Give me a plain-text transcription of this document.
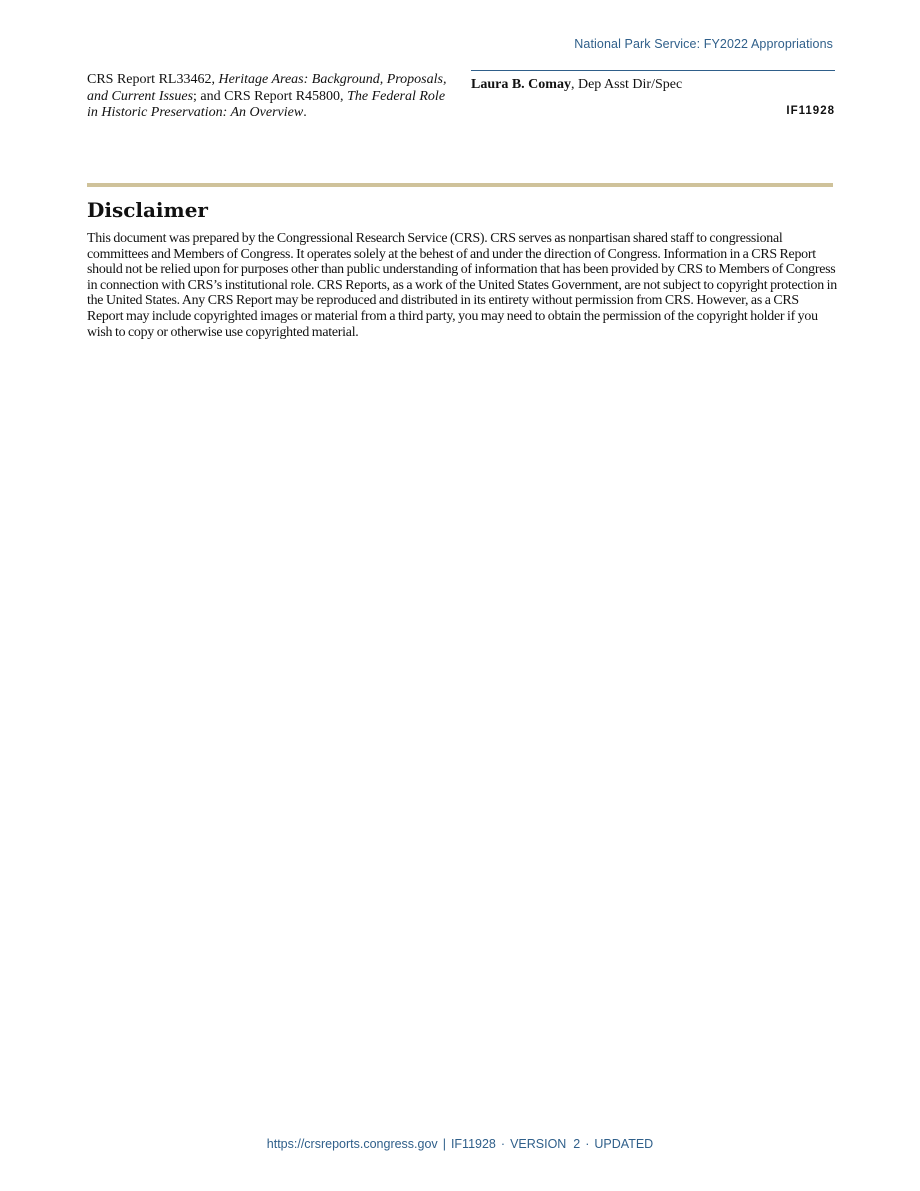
National Park Service: FY2022 Appropriations
CRS Report RL33462, Heritage Areas: Background, Proposals, and Current Issues; and CRS Report R45800, The Federal Role in Historic Preservation: An Overview.
Laura B. Comay, Dep Asst Dir/Spec
IF11928
Disclaimer
This document was prepared by the Congressional Research Service (CRS). CRS serves as nonpartisan shared staff to congressional committees and Members of Congress. It operates solely at the behest of and under the direction of Congress. Information in a CRS Report should not be relied upon for purposes other than public understanding of information that has been provided by CRS to Members of Congress in connection with CRS’s institutional role. CRS Reports, as a work of the United States Government, are not subject to copyright protection in the United States. Any CRS Report may be reproduced and distributed in its entirety without permission from CRS. However, as a CRS Report may include copyrighted images or material from a third party, you may need to obtain the permission of the copyright holder if you wish to copy or otherwise use copyrighted material.
https://crsreports.congress.gov | IF11928 · VERSION  2 · UPDATED
